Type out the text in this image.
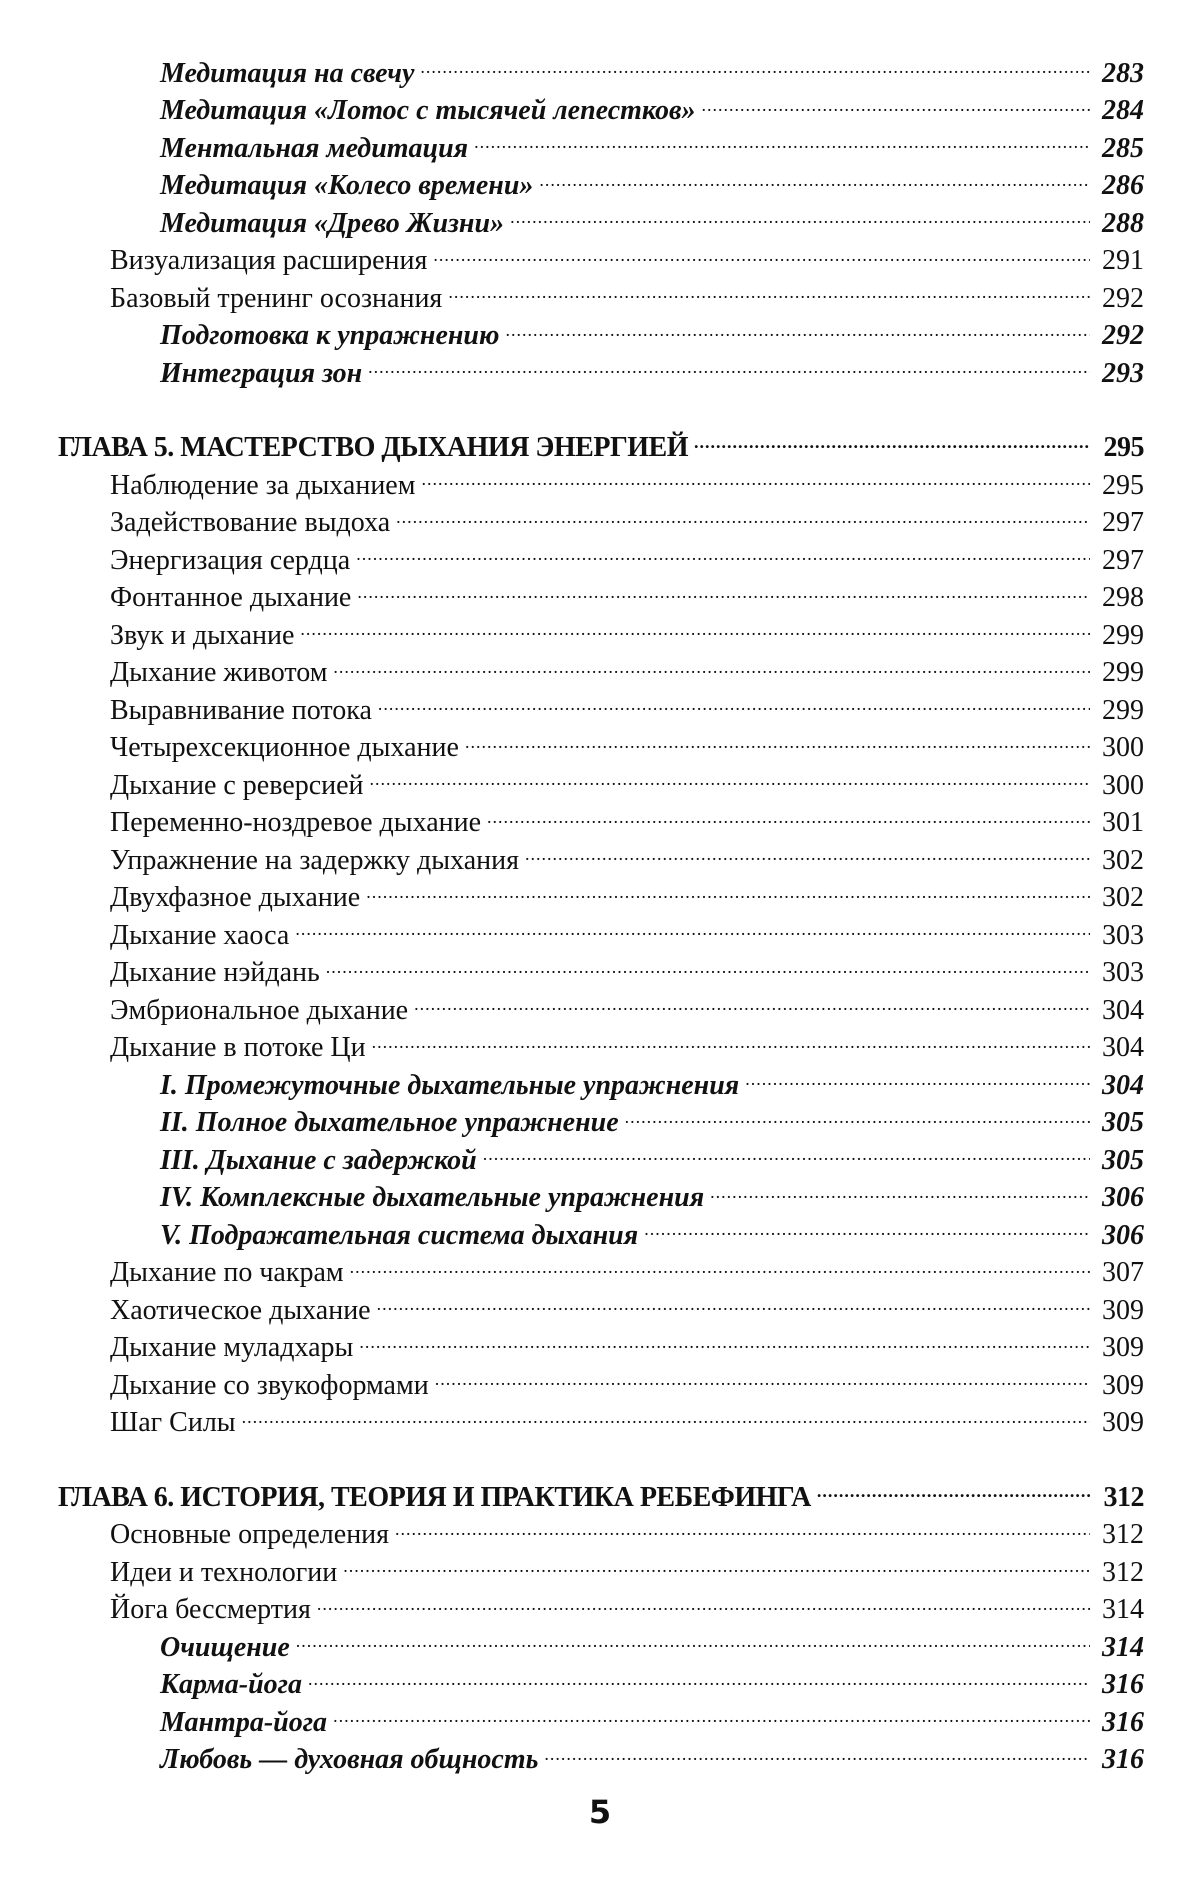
Медитация на свечу .....	283
Медитация «Лотос с тысячей лепестков» .....	284
Ментальная медитация .....	285
Медитация «Колесо времени» .....	286
Медитация «Древо Жизни» .....	288
Визуализация расширения .....	291
Базовый тренинг осознания .....	292
Подготовка к упражнению .....	292
Интеграция зон .....	293
ГЛАВА 5. МАСТЕРСТВО ДЫХАНИЯ ЭНЕРГИЕЙ .....	295
Наблюдение за дыханием .....	295
Задействование выдоха .....	297
Энергизация сердца .....	297
Фонтанное дыхание .....	298
Звук и дыхание .....	299
Дыхание животом .....	299
Выравнивание потока .....	299
Четырехсекционное дыхание .....	300
Дыхание с реверсией .....	300
Переменно-ноздревое дыхание .....	301
Упражнение на задержку дыхания .....	302
Двухфазное дыхание .....	302
Дыхание хаоса .....	303
Дыхание нэйдань .....	303
Эмбриональное дыхание .....	304
Дыхание в потоке Ци .....	304
I. Промежуточные дыхательные упражнения .....	304
II. Полное дыхательное упражнение .....	305
III. Дыхание с задержкой .....	305
IV. Комплексные дыхательные упражнения .....	306
V. Подражательная система дыхания .....	306
Дыхание по чакрам .....	307
Хаотическое дыхание .....	309
Дыхание муладхары .....	309
Дыхание со звукоформами .....	309
Шаг Силы .....	309
ГЛАВА 6. ИСТОРИЯ, ТЕОРИЯ И ПРАКТИКА РЕБЕФИНГА .....	312
Основные определения .....	312
Идеи и технологии .....	312
Йога бессмертия .....	314
Очищение .....	314
Карма-йога .....	316
Мантра-йога .....	316
Любовь — духовная общность .....	316
5
